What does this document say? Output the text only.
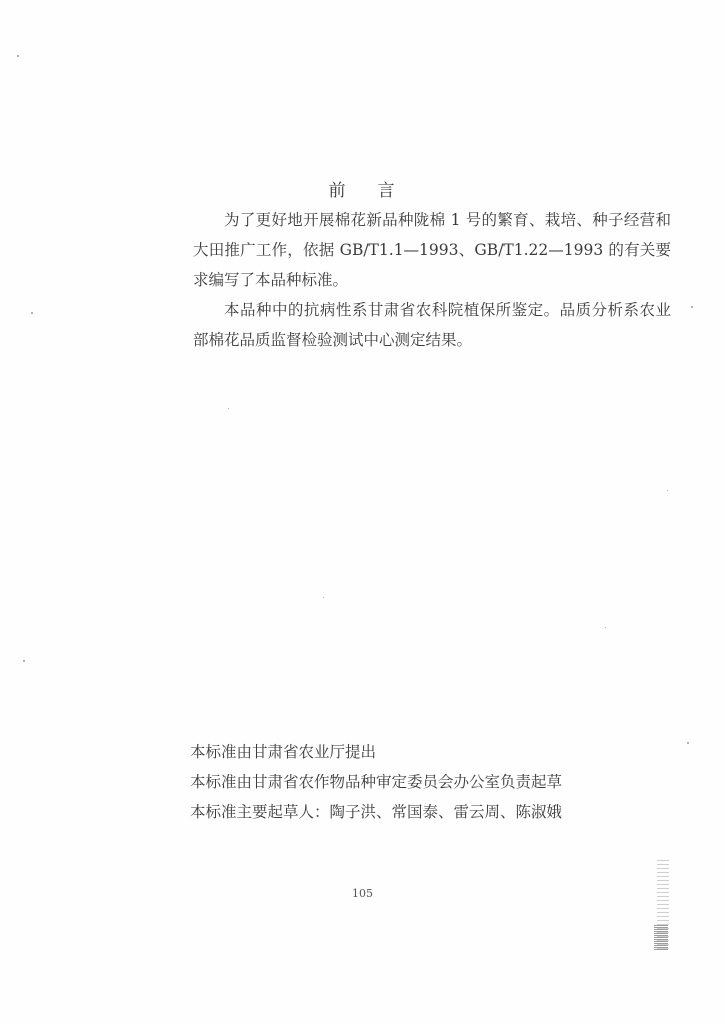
前 言

为了更好地开展棉花新品种陇棉 1 号的繁育、栽培、种子经营和大田推广工作，依据 GB/T1.1—1993、GB/T1.22—1993 的有关要求编写了本品种标准。

本品种中的抗病性系甘肃省农科院植保所鉴定。品质分析系农业部棉花品质监督检验测试中心测定结果。

本标准由甘肃省农业厅提出
本标准由甘肃省农作物品种审定委员会办公室负责起草
本标准主要起草人：陶子洪、常国泰、雷云周、陈淑娥
105
